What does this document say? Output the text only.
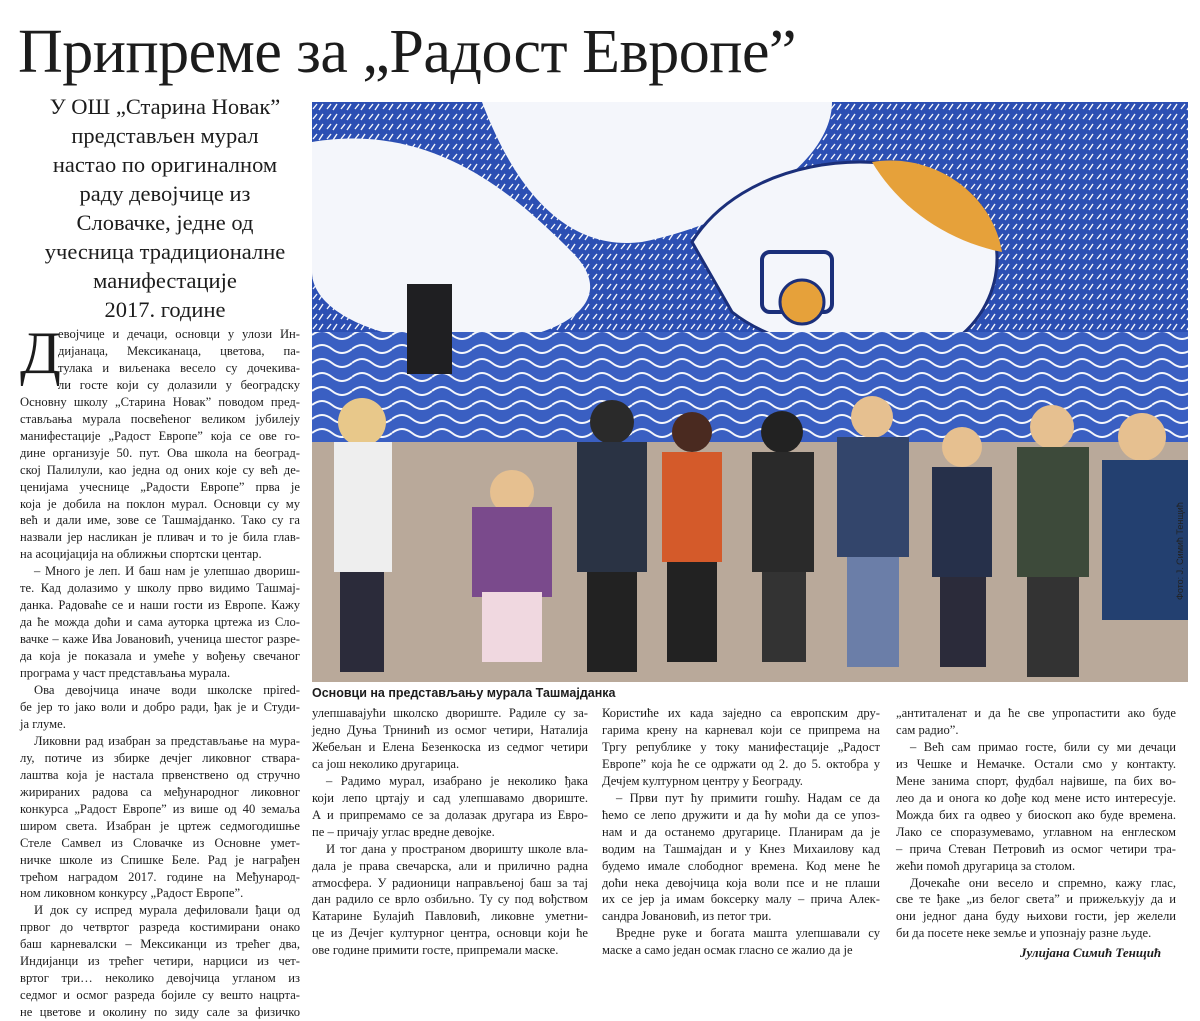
Припреме за „Радост Европе”
У ОШ „Старина Новак”
представљен мурал
настао по оригиналном
раду девојчице из
Словачке, једне од
учесница традиционалне
манифестације
2017. године
Д
евојчице и дечаци, основци у улози Ин-
дијанаца, Мексиканаца, цветова, па-
тулака и виљенака весело су дочекива-
ли госте који су долазили у београдску
Основну школу „Старина Новак” поводом пред-
стављања мурала посвећеног великом јубилеју
манифестације „Радост Европе” која се ове го-
дине организује 50. пут. Ова школа на београд-
ској Палилули, као једна од оних које су већ де-
ценијама учеснице „Радости Европе” прва је
која је добила на поклон мурал. Основци су му
већ и дали име, зове се Ташмајданко. Тако су га
назвали јер насликан је пливач и то је била глав-
на асоцијација на оближњи спортски центар.
– Много је леп. И баш нам је улепшао двориш-
те. Кад долазимо у школу прво видимо Ташмај-
данка. Радоваће се и наши гости из Европе. Кажу
да ће можда доћи и сама ауторка цртежа из Сло-
вачке – каже Ива Јовановић, ученица шестог разре-
да која је показала и умеће у вођењу свечаног
програма у част представљања мурала.
Ова девојчица иначе води школске прired-
бе јер то јако воли и добро ради, ђак је и Студи-
ја глуме.
Ликовни рад изабран за представљање на мура-
лу, потиче из збирке дечјег ликовног стварa-
лаштва која је настала првенствено од стручно
жирираних радова са међународног ликовног
конкурса „Радост Европе” из више од 40 земаља
широм света. Изабран је цртеж седмогодишње
Стеле Самвел из Словачке из Основне умет-
ничке школе из Спишке Беле. Рад је награђен
трећом наградом 2017. године на Међународ-
ном ликовном конкурсу „Радост Европе”.
И док су испред мурала дефиловали ђаци од
првог до четвртог разреда костимирани онако
баш карневалски – Мексиканци из трећег два,
Индијанци из трећег четири, нарциси из чет-
вртог три… неколико девојчица угланом из
седмог и осмог разреда бојиле су вешто нацрта-
не цветове и околину по зиду сале за физичко
Основци на представљању мурала Ташмајданка
Фото: Ј. Симић Тенщић
улепшавајући школско двориште. Радиле су за-
једно Дуња Трнинић из осмог четири, Наталија
Жебељан и Елена Безенкоска из седмог четири
са још неколико другарица.
– Радимо мурал, изабрано је неколико ђака
који лепо цртају и сад улепшавамо двориште.
А и припремамо се за долазак другара из Евро-
пе – причају углас вредне девојке.
И тог дана у пространом дворишту школе вла-
дала је права свечарска, али и прилично радна
атмосфера. У радионици направљеној баш за тај
дан радило се врло озбиљно. Ту су под вођством
Катарине Булајић Павловић, ликовне уметни-
це из Дечјег културног центра, основци који ће
ове године примити госте, припремали маске.
Користиће их када заједно са европским дру-
гарима крену на карневал који се припрема на
Тргу републике у току манифестације „Радост
Европе” која ће се одржати од 2. до 5. октобра у
Дечјем културном центру у Београду.
– Први пут ћу примити гошћу. Надам се да
ћемо се лепо дружити и да ћу моћи да се упоз-
нам и да останемо другарице. Планирам да је
водим на Ташмајдан и у Кнез Михаилову кад
будемо имале слободног времена. Код мене ће
доћи нека девојчица која воли псе и не плаши
их се јер ја имам боксерку малу – прича Алек-
сандра Јовановић, из петог три.
Вредне руке и богата машта улепшавали су
маске а само један осмак гласно се жалио да је
„антиталенат и да ће све упропастити ако буде
сам радио”.
– Већ сам примао госте, били су ми дечаци
из Чешке и Немачке. Остали смо у контакту.
Мене занима спорт, фудбал највише, па бих во-
лео да и онога ко дође код мене исто интересује.
Можда бих га одвео у биоскоп ако буде времена.
Лако се споразумевамо, углавном на енглеском
– прича Стеван Петровић из осмог четири тра-
жећи помоћ другарица за столом.
Дочекаће они весело и спремно, кажу глас,
све те ђаке „из белог света” и прижељкују да и
они једног дана буду њихови гости, јер желели
би да посете неке земље и упознају разне људе.
Јулијана Симић Тенщић
